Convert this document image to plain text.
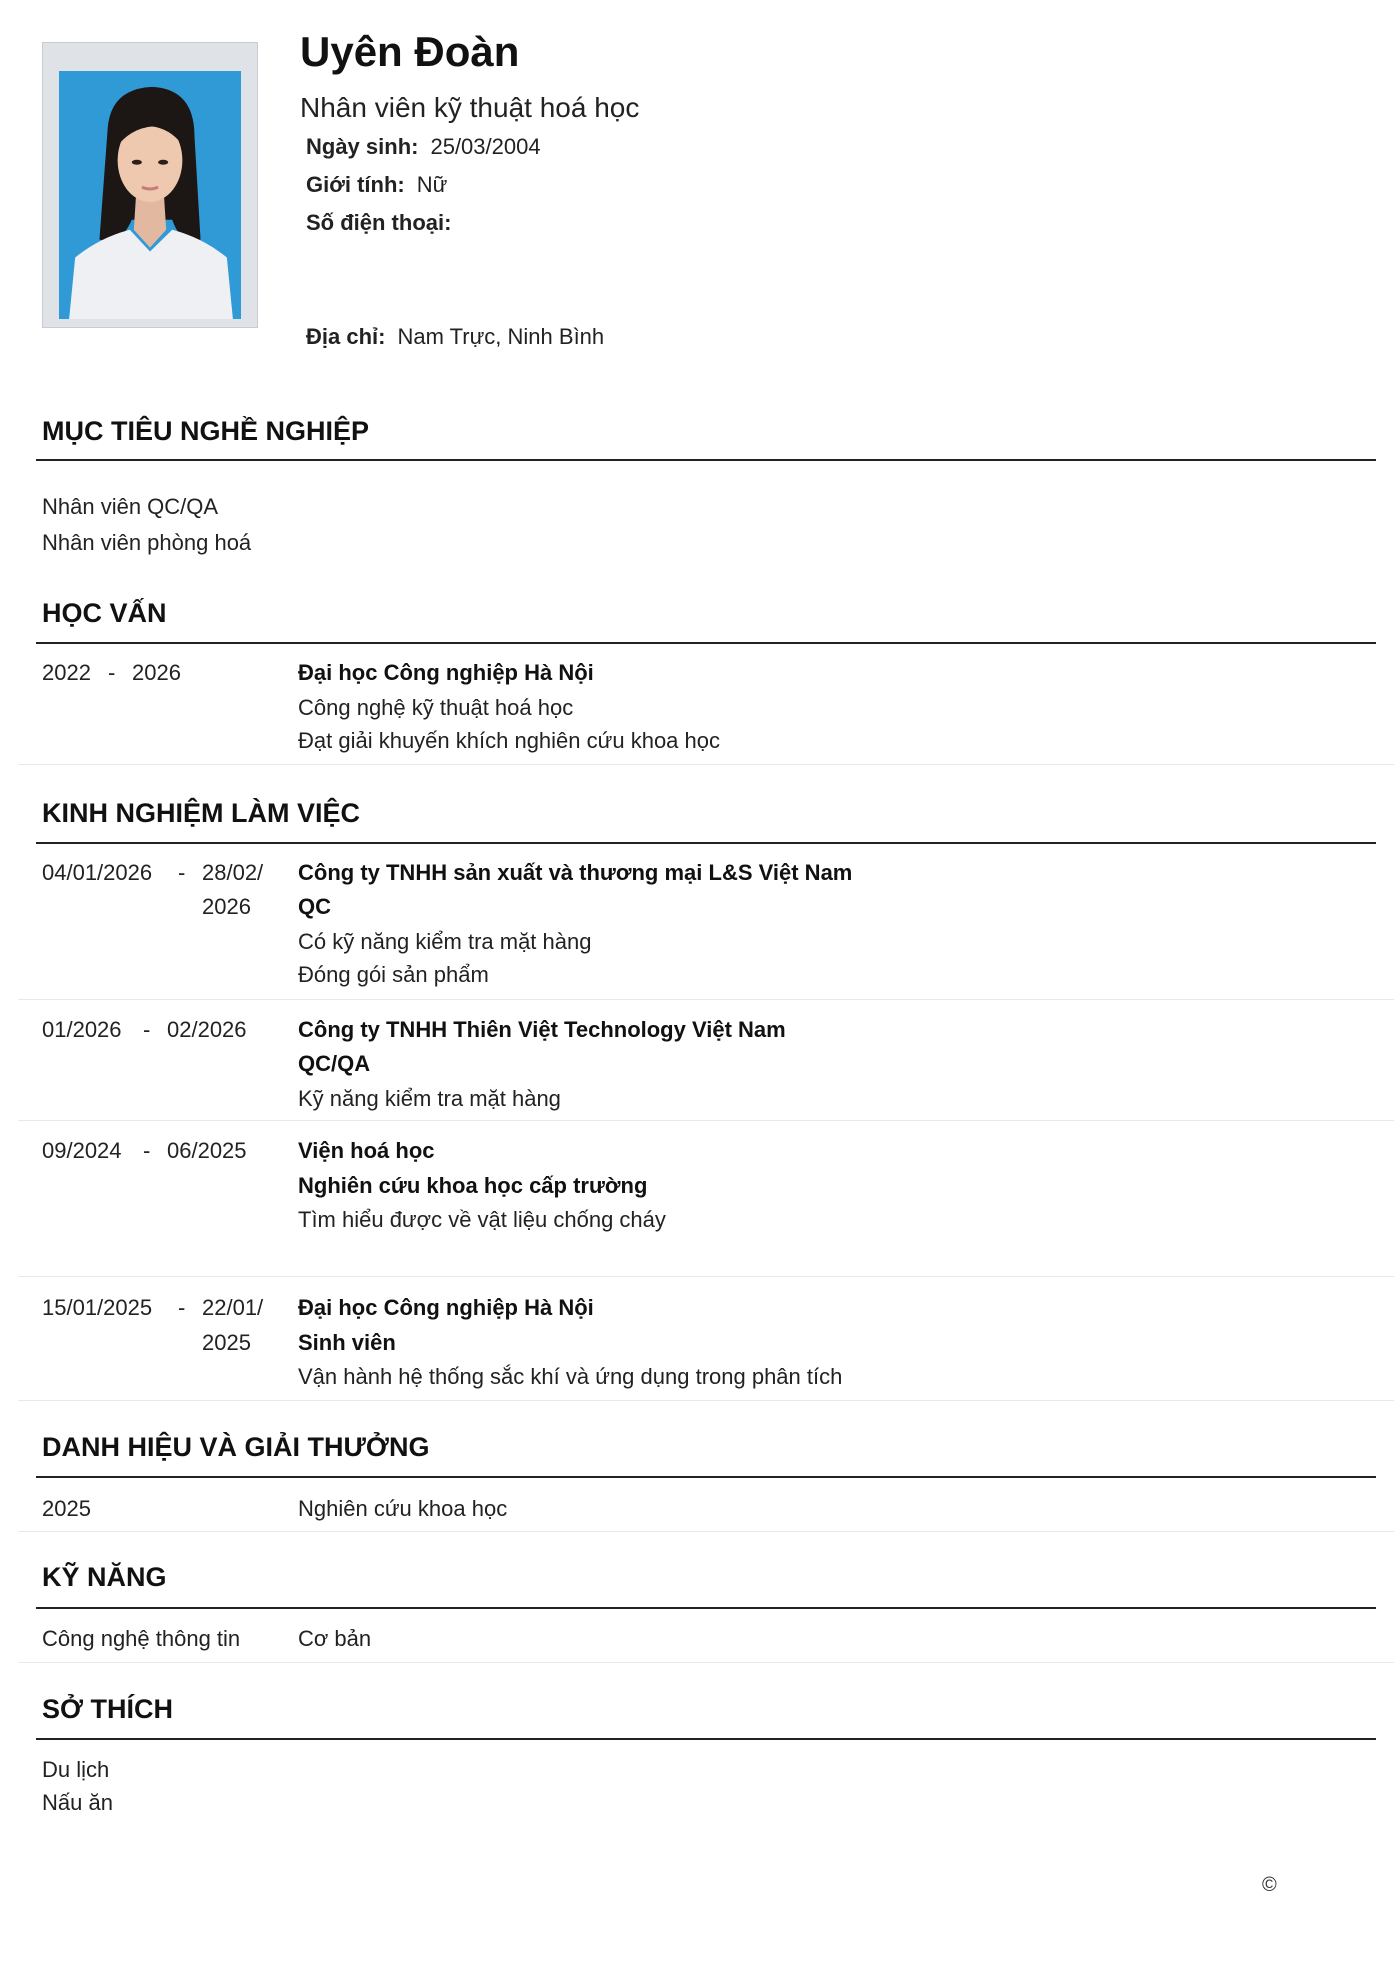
Uyên Đoàn
Nhân viên kỹ thuật hoá học
Ngày sinh: 25/03/2004
Giới tính: Nữ
Số điện thoại:
Địa chỉ: Nam Trực, Ninh Bình
MỤC TIÊU NGHỀ NGHIỆP
Nhân viên QC/QA
Nhân viên phòng hoá
HỌC VẤN
2022 - 2026	Đại học Công nghiệp Hà Nội
Công nghệ kỹ thuật hoá học
Đạt giải khuyến khích nghiên cứu khoa học
KINH NGHIỆM LÀM VIỆC
04/01/2026 - 28/02/
2026
Công ty TNHH sản xuất và thương mại L&S Việt Nam
QC
Có kỹ năng kiểm tra mặt hàng
Đóng gói sản phẩm
01/2026 - 02/2026 Công ty TNHH Thiên Việt Technology Việt Nam
QC/QA
Kỹ năng kiểm tra mặt hàng
09/2024 - 06/2025 Viện hoá học
Nghiên cứu khoa học cấp trường
Tìm hiểu được về vật liệu chống cháy
15/01/2025 - 22/01/
2025
Đại học Công nghiệp Hà Nội
Sinh viên
Vận hành hệ thống sắc khí và ứng dụng trong phân tích
DANH HIỆU VÀ GIẢI THƯỞNG
2025	Nghiên cứu khoa học
KỸ NĂNG
Công nghệ thông tin	Cơ bản
SỞ THÍCH
Du lịch
Nấu ăn
©
